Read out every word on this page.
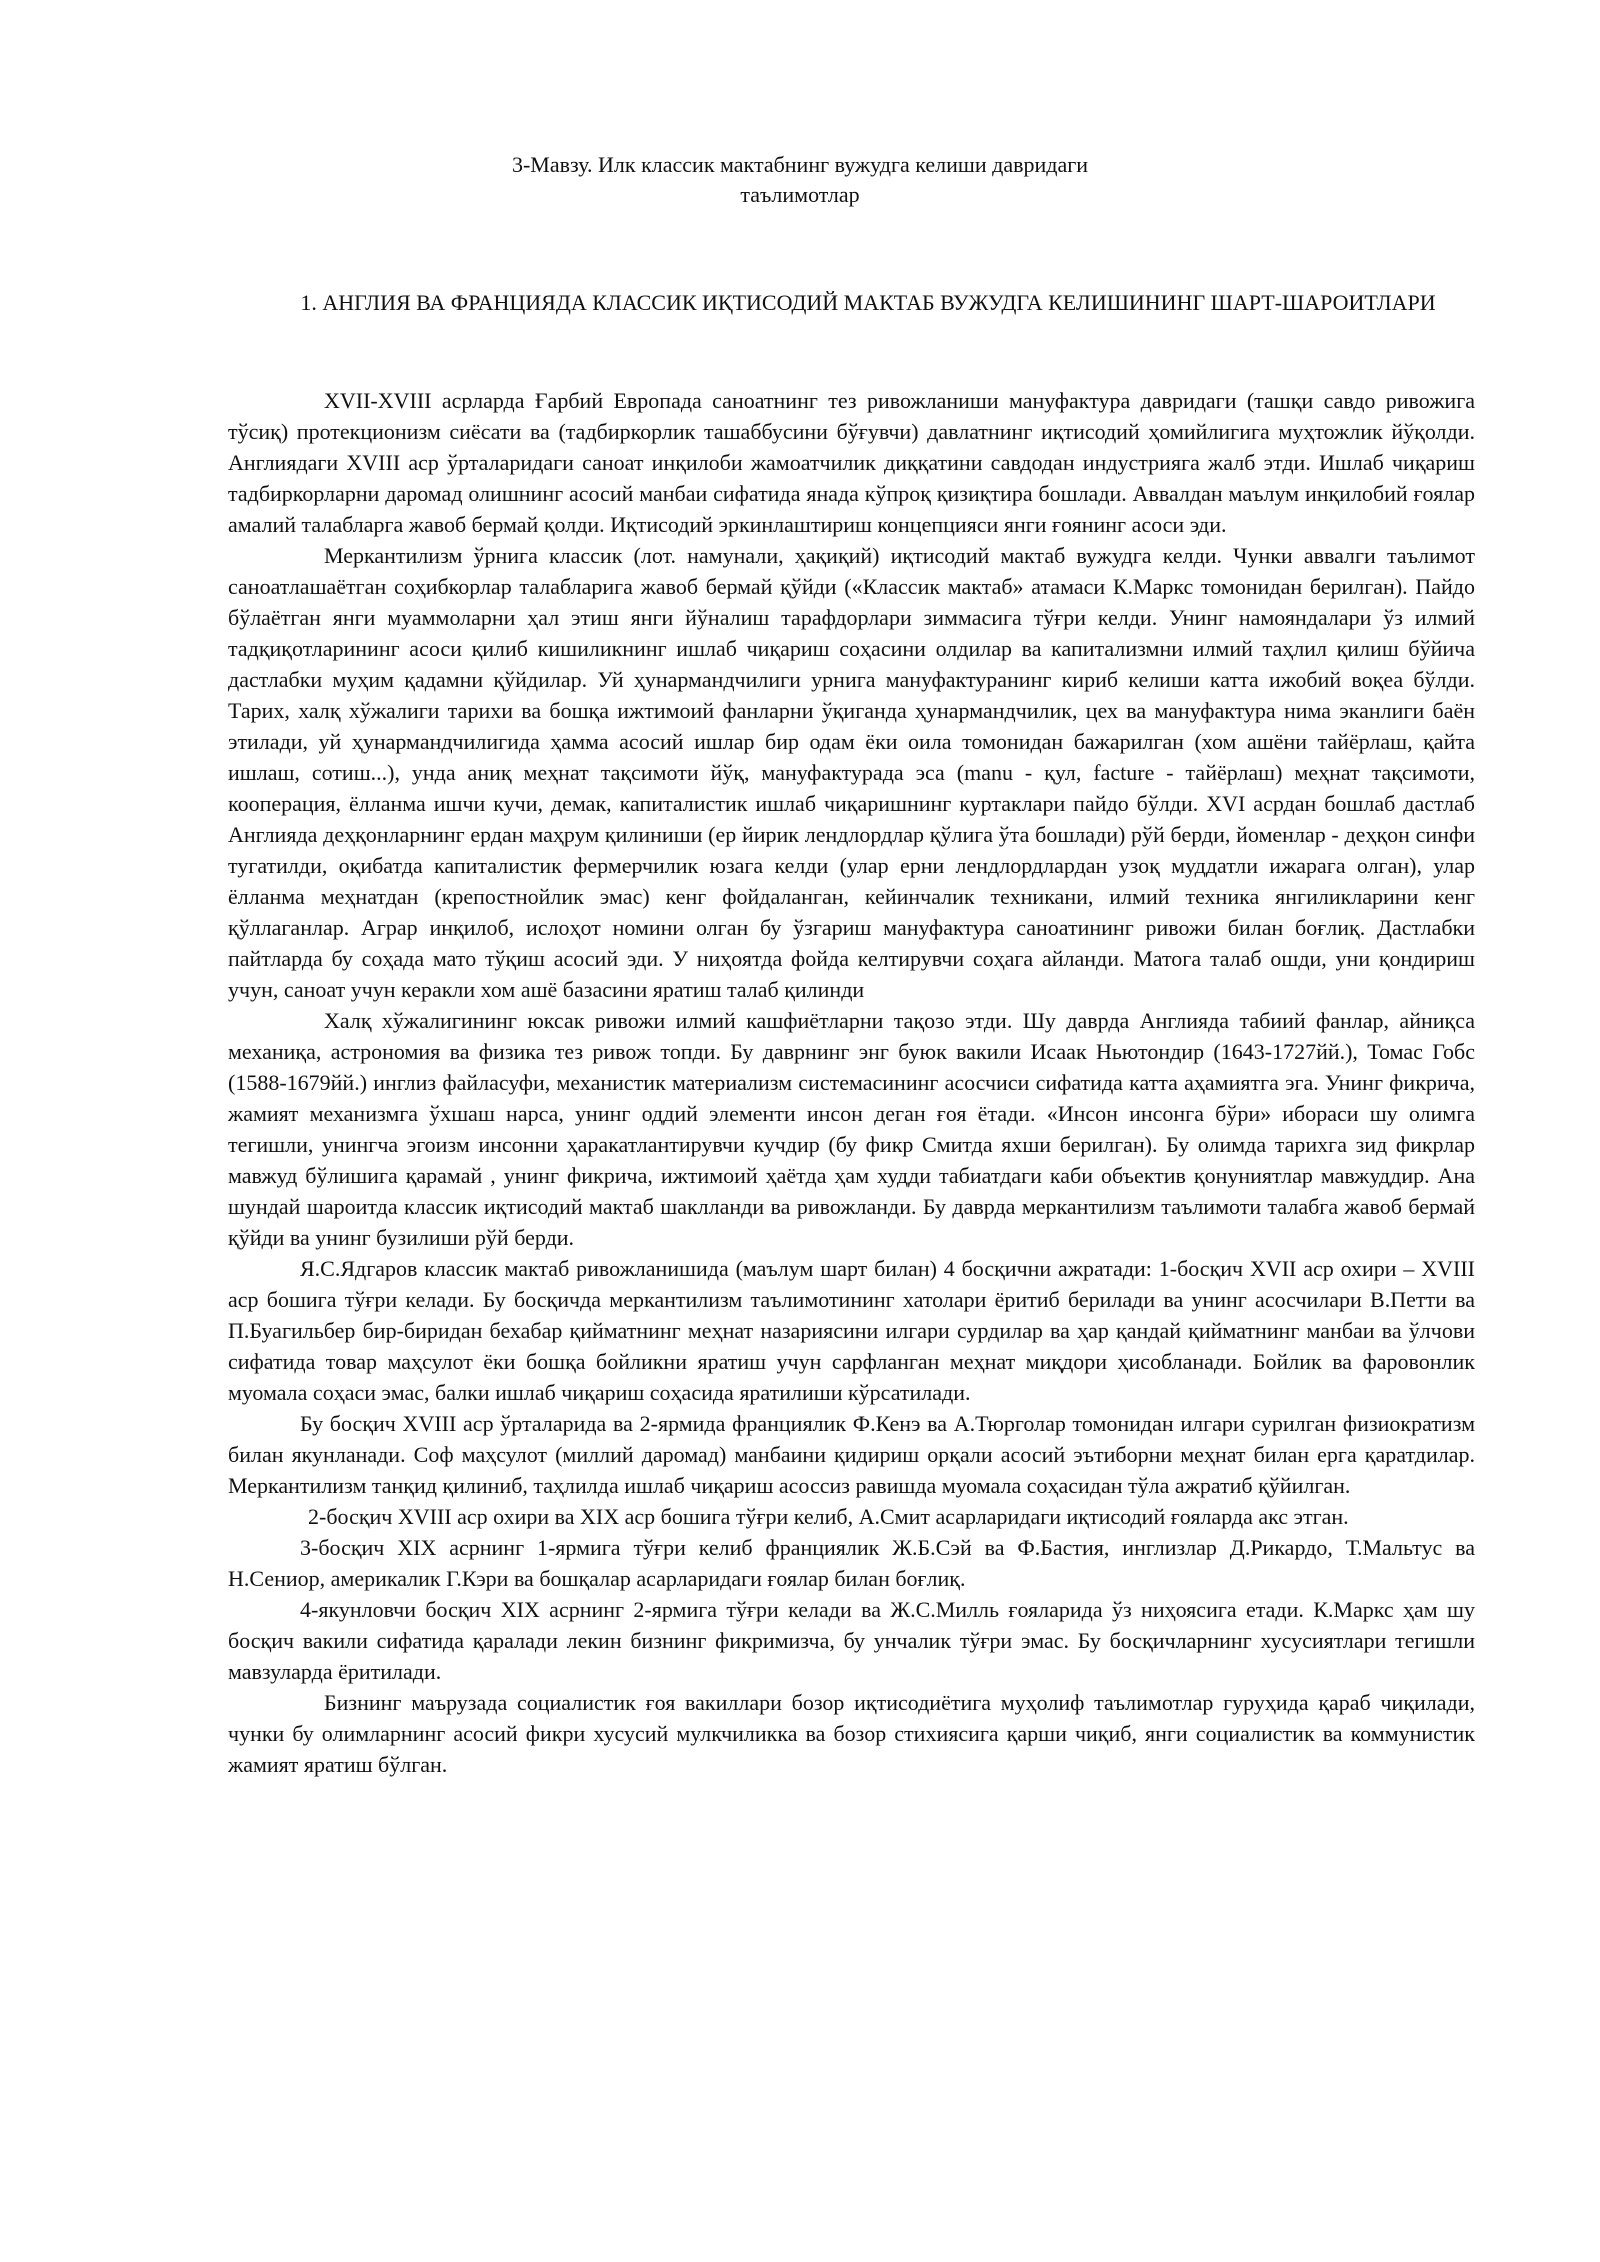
3-Мавзу. Илк классик мактабнинг вужудга келиши давридаги
таълимотлар
1. АНГЛИЯ ВА ФРАНЦИЯДА КЛАССИК ИҚТИСОДИЙ МАКТАБ ВУЖУДГА КЕЛИШИНИНГ ШАРТ-ШАРОИТЛАРИ

XVII-XVIII асрларда Ғарбий Европада саноатнинг тез ривожланиши мануфактура давридаги (ташқи савдо ривожига тўсиқ) протекционизм сиёсати ва (тадбиркорлик ташаббусини бўғувчи) давлатнинг иқтисодий ҳомийлигига муҳтожлик йўқолди. Англиядаги XVIII аср ўрталаридаги саноат инқилоби жамоатчилик диққатини савдодан индустрияга жалб этди. Ишлаб чиқариш тадбиркорларни даромад олишнинг асосий манбаи сифатида янада кўпроқ қизиқтира бошлади. Аввалдан маълум инқилобий ғоялар амалий талабларга жавоб бермай қолди. Иқтисодий эркинлаштириш концепцияси янги ғоянинг асоси эди.

Меркантилизм ўрнига классик (лот. намунали, ҳақиқий) иқтисодий мактаб вужудга келди. Чунки аввалги таълимот саноатлашаётган соҳибкорлар талабларига жавоб бермай қўйди («Классик мактаб» атамаси К.Маркс томонидан берилган). Пайдо бўлаётган янги муаммоларни ҳал этиш янги йўналиш тарафдорлари зиммасига тўғри келди. Унинг намояндалари ўз илмий тадқиқотларининг асоси қилиб кишиликнинг ишлаб чиқариш соҳасини олдилар ва капитализмни илмий таҳлил қилиш бўйича дастлабки муҳим қадамни қўйдилар. Уй ҳунармандчилиги урнига мануфактуранинг кириб келиши катта ижобий воқеа бўлди. Тарих, халқ хўжалиги тарихи ва бошқа ижтимоий фанларни ўқиганда ҳунармандчилик, цех ва мануфактура нима эканлиги баён этилади, уй ҳунармандчилигида ҳамма асосий ишлар бир одам ёки оила томонидан бажарилган (хом ашёни тайёрлаш, қайта ишлаш, сотиш...), унда аниқ меҳнат тақсимоти йўқ, мануфактурада эса (manu - қул, facture - тайёрлаш) меҳнат тақсимоти, кооперация, ёлланма ишчи кучи, демак, капиталистик ишлаб чиқаришнинг куртаклари пайдо бўлди. XVI асрдан бошлаб дастлаб Англияда деҳқонларнинг ердан маҳрум қилиниши (ер йирик лендлордлар қўлига ўта бошлади) рўй берди, йоменлар - деҳқон синфи тугатилди, оқибатда капиталистик фермерчилик юзага келди (улар ерни лендлордлардан узоқ муддатли ижарага олган), улар ёлланма меҳнатдан (крепостнойлик эмас) кенг фойдаланган, кейинчалик техникани, илмий техника янгиликларини кенг қўллаганлар. Аграр инқилоб, ислоҳот номини олган бу ўзгариш мануфактура саноатининг ривожи билан боғлиқ. Дастлабки пайтларда бу соҳада мато тўқиш асосий эди. У ниҳоятда фойда келтирувчи соҳага айланди. Матога талаб ошди, уни қондириш учун, саноат учун керакли хом ашё базасини яратиш талаб қилинди

Халқ хўжалигининг юксак ривожи илмий кашфиётларни тақозо этди. Шу даврда Англияда табиий фанлар, айниқса механиқа, астрономия ва физика тез ривож топди. Бу даврнинг энг буюк вакили Исаак Ньютондир (1643-1727йй.), Томас Гобс (1588-1679йй.) инглиз файласуфи, механистик материализм системасининг асосчиси сифатида катта аҳамиятга эга. Унинг фикрича, жамият механизмга ўхшаш нарса, унинг оддий элементи инсон деган ғоя ётади. «Инсон инсонга бўри» ибораси шу олимга тегишли, унингча эгоизм инсонни ҳаракатлантирувчи кучдир (бу фикр Смитда яхши берилган). Бу олимда тарихга зид фикрлар мавжуд бўлишига қарамай , унинг фикрича, ижтимоий ҳаётда ҳам худди табиатдаги каби объектив қонуниятлар мавжуддир. Ана шундай шароитда классик иқтисодий мактаб шаклланди ва ривожланди. Бу даврда меркантилизм таълимоти талабга жавоб бермай қўйди ва унинг бузилиши рўй берди.

Я.С.Ядгаров классик мактаб ривожланишида (маълум шарт билан) 4 босқични ажратади: 1-босқич XVII аср охири – XVIII аср бошига тўғри келади. Бу босқичда меркантилизм таълимотининг хатолари ёритиб берилади ва унинг асосчилари В.Петти ва П.Буагильбер бир-биридан бехабар қийматнинг меҳнат назариясини илгари сурдилар ва ҳар қандай қийматнинг манбаи ва ўлчови сифатида товар маҳсулот ёки бошқа бойликни яратиш учун сарфланган меҳнат миқдори ҳисобланади. Бойлик ва фаровонлик муомала соҳаси эмас, балки ишлаб чиқариш соҳасида яратилиши кўрсатилади.

Бу босқич XVIII аср ўрталарида ва 2-ярмида франциялик Ф.Кенэ ва А.Тюрголар томонидан илгари сурилган физиократизм билан якунланади. Соф маҳсулот (миллий даромад) манбаини қидириш орқали асосий эътиборни меҳнат билан ерга қаратдилар. Меркантилизм танқид қилиниб, таҳлилда ишлаб чиқариш асоссиз равишда муомала соҳасидан тўла ажратиб қўйилган.

2-босқич XVIII аср охири ва XIX аср бошига тўғри келиб, А.Смит асарларидаги иқтисодий ғояларда акс этган.

3-босқич XIX асрнинг 1-ярмига тўғри келиб франциялик Ж.Б.Сэй ва Ф.Бастия, инглизлар Д.Рикардо, Т.Мальтус ва Н.Сениор, америкалик Г.Кэри ва бошқалар асарларидаги ғоялар билан боғлиқ.

4-якунловчи босқич XIX асрнинг 2-ярмига тўғри келади ва Ж.С.Милль ғояларида ўз ниҳоясига етади. К.Маркс ҳам шу босқич вакили сифатида қаралади лекин бизнинг фикримизча, бу унчалик тўғри эмас. Бу босқичларнинг хусусиятлари тегишли мавзуларда ёритилади.

Бизнинг маърузада социалистик ғоя вакиллари бозор иқтисодиётига муҳолиф таълимотлар гуруҳида қараб чиқилади, чунки бу олимларнинг асосий фикри хусусий мулкчиликка ва бозор стихиясига қарши чиқиб, янги социалистик ва коммунистик жамият яратиш бўлган.
